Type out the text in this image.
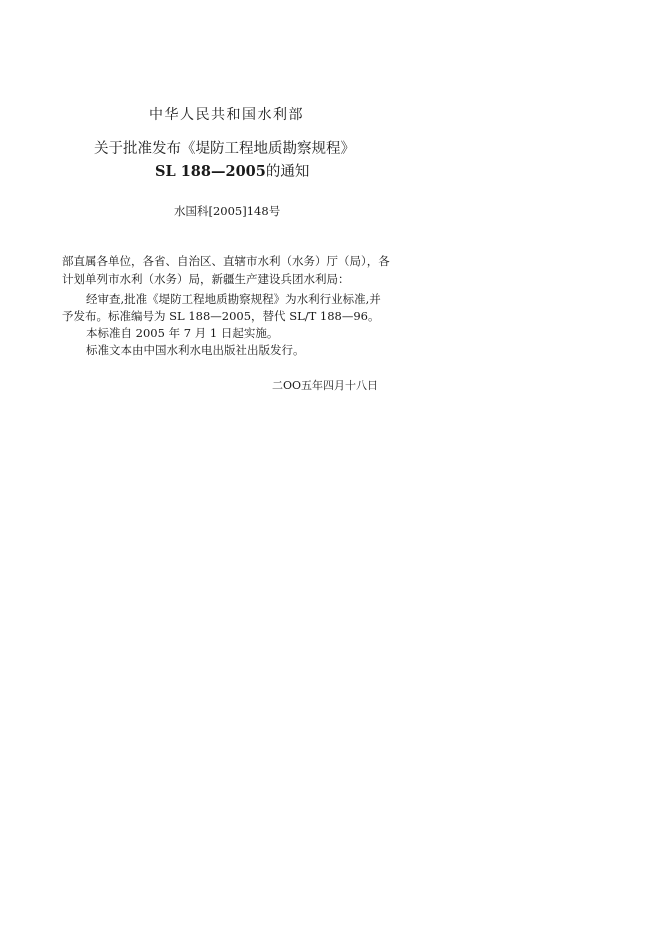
中华人民共和国水利部
关于批准发布《堤防工程地质勘察规程》
SL 188—2005的通知
水国科[2005]148号
部直属各单位，各省、自治区、直辖市水利（水务）厅（局），各
计划单列市水利（水务）局，新疆生产建设兵团水利局：
经审查,批准《堤防工程地质勘察规程》为水利行业标准,并
予发布。标准编号为 SL 188—2005，替代 SL/T 188—96。
本标准自 2005 年 7 月 1 日起实施。
标准文本由中国水利水电出版社出版发行。
二ΟΟ五年四月十八日
